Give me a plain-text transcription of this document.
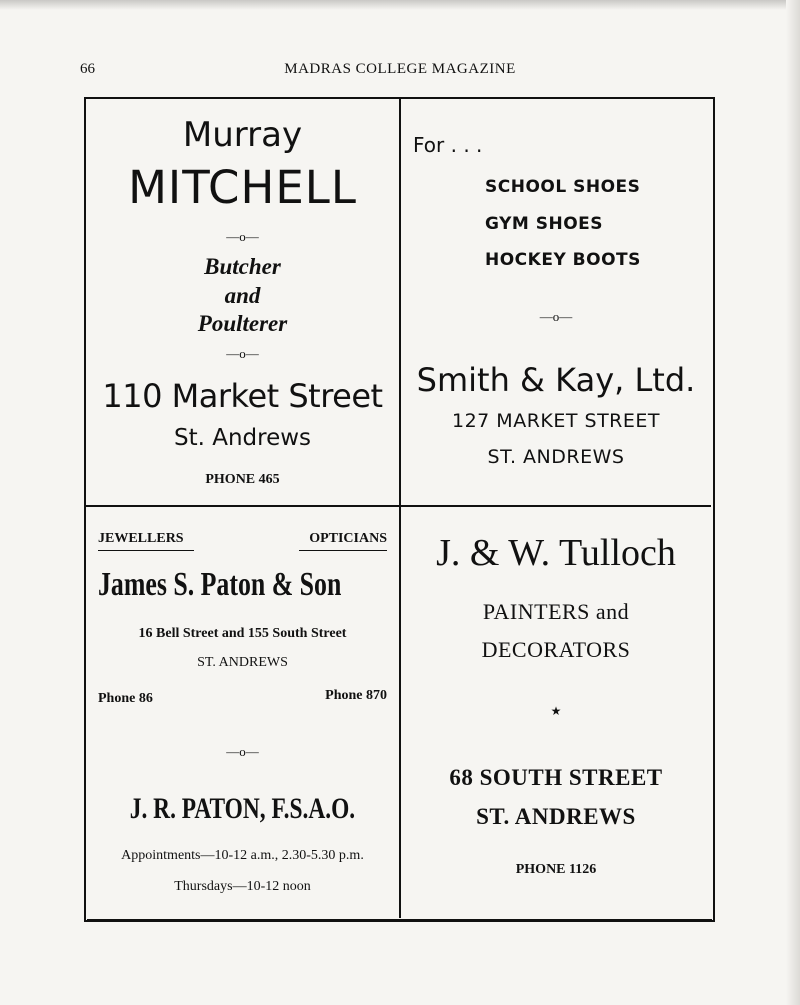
66	MADRAS COLLEGE MAGAZINE
Murray
MITCHELL
—o—
Butcher
and
Poulterer
—o—
110 Market Street
St. Andrews
PHONE 465
For . . .
SCHOOL SHOES
GYM SHOES
HOCKEY BOOTS
—o—
Smith & Kay, Ltd.
127 MARKET STREET
ST. ANDREWS
JEWELLERS	OPTICIANS
James S. Paton & Son
16 Bell Street and 155 South Street
ST. ANDREWS
Phone 86	Phone 870
—o—
J. R. PATON, F.S.A.O.
Appointments—10-12 a.m., 2.30-5.30 p.m.
Thursdays—10-12 noon
J. & W. Tulloch
PAINTERS and
DECORATORS
★
68 SOUTH STREET
ST. ANDREWS
PHONE 1126
